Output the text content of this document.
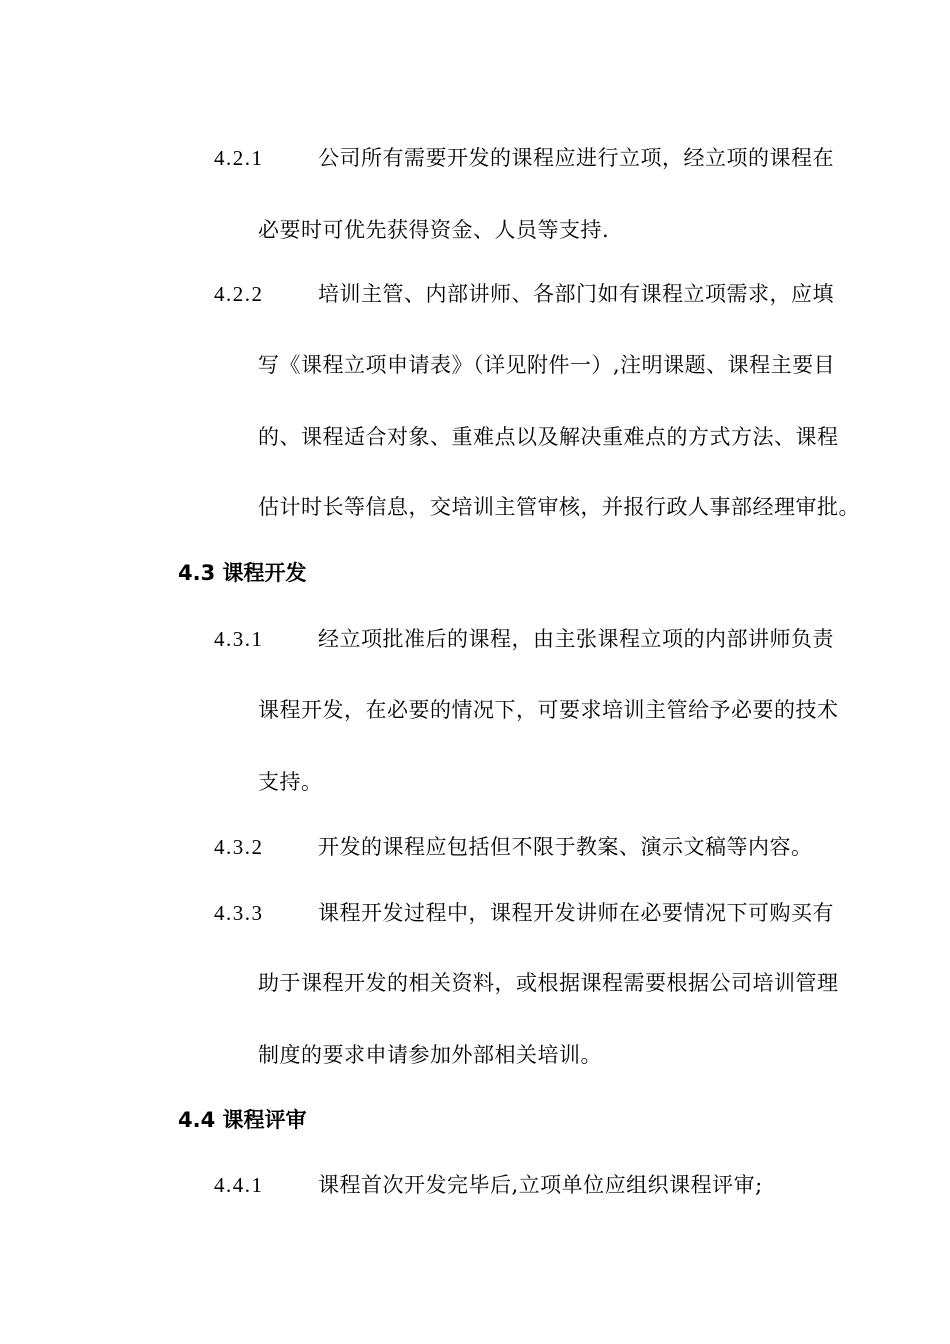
4.2.1	公司所有需要开发的课程应进行立项，经立项的课程在
必要时可优先获得资金、人员等支持.
4.2.2	培训主管、内部讲师、各部门如有课程立项需求，应填
写《课程立项申请表》（详见附件一）,注明课题、课程主要目
的、课程适合对象、重难点以及解决重难点的方式方法、课程
估计时长等信息，交培训主管审核，并报行政人事部经理审批。
4.3 课程开发
4.3.1	经立项批准后的课程，由主张课程立项的内部讲师负责
课程开发，在必要的情况下，可要求培训主管给予必要的技术
支持。
4.3.2	开发的课程应包括但不限于教案、演示文稿等内容。
4.3.3	课程开发过程中，课程开发讲师在必要情况下可购买有
助于课程开发的相关资料，或根据课程需要根据公司培训管理
制度的要求申请参加外部相关培训。
4.4 课程评审
4.4.1	课程首次开发完毕后,立项单位应组织课程评审;
